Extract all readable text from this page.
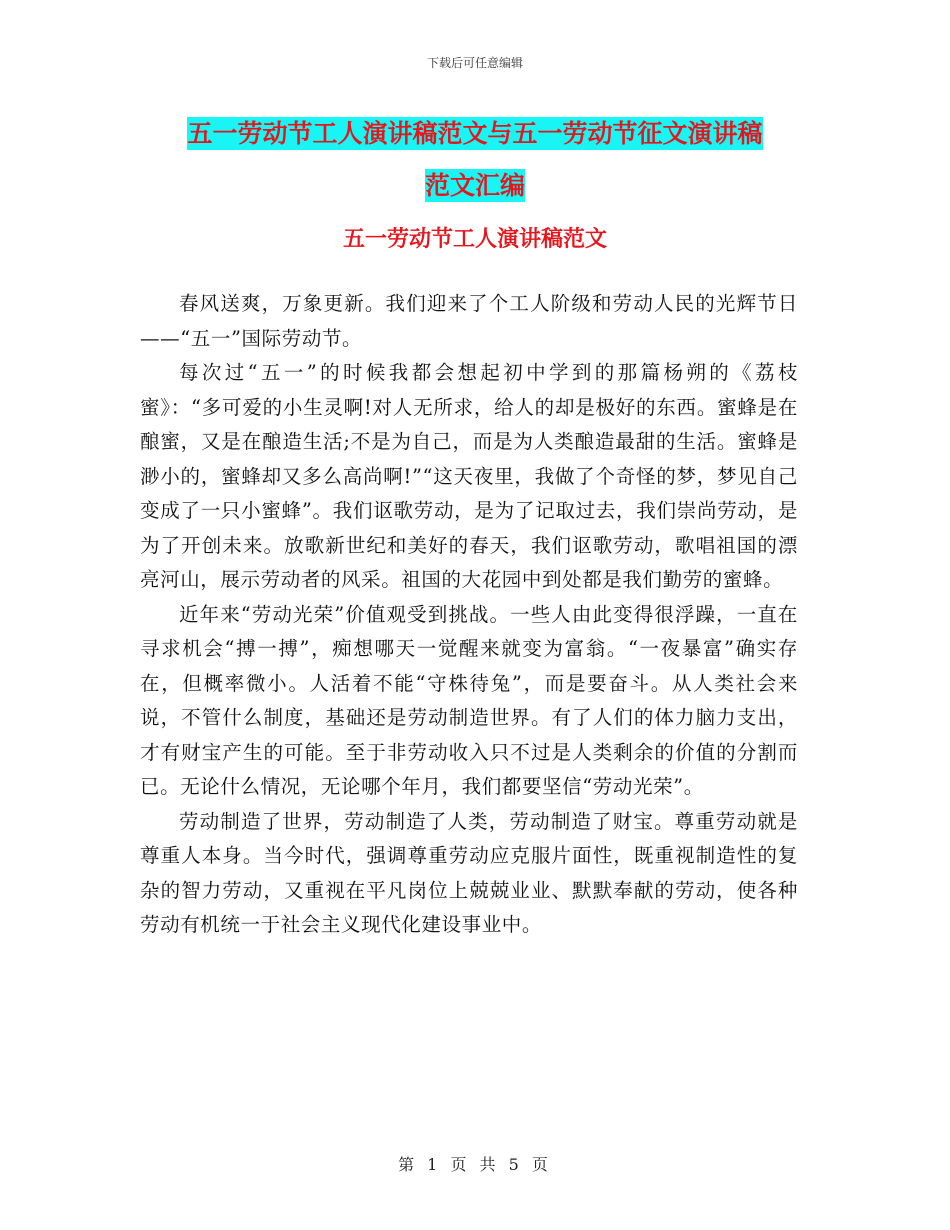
下载后可任意编辑
五一劳动节工人演讲稿范文与五一劳动节征文演讲稿
范文汇编
五一劳动节工人演讲稿范文

春风送爽，万象更新。我们迎来了个工人阶级和劳动人民的光辉节日——“五一”国际劳动节。

每次过“五一”的时候我都会想起初中学到的那篇杨朔的《荔枝蜜》：“多可爱的小生灵啊!对人无所求，给人的却是极好的东西。蜜蜂是在酿蜜，又是在酿造生活;不是为自己，而是为人类酿造最甜的生活。蜜蜂是渺小的，蜜蜂却又多么高尚啊!”“这天夜里，我做了个奇怪的梦，梦见自己变成了一只小蜜蜂”。我们讴歌劳动，是为了记取过去，我们崇尚劳动，是为了开创未来。放歌新世纪和美好的春天，我们讴歌劳动，歌唱祖国的漂亮河山，展示劳动者的风采。祖国的大花园中到处都是我们勤劳的蜜蜂。

近年来“劳动光荣”价值观受到挑战。一些人由此变得很浮躁，一直在寻求机会“搏一搏”，痴想哪天一觉醒来就变为富翁。“一夜暴富”确实存在，但概率微小。人活着不能“守株待兔”，而是要奋斗。从人类社会来说，不管什么制度，基础还是劳动制造世界。有了人们的体力脑力支出，才有财宝产生的可能。至于非劳动收入只不过是人类剩余的价值的分割而已。无论什么情况，无论哪个年月，我们都要坚信“劳动光荣”。

劳动制造了世界，劳动制造了人类，劳动制造了财宝。尊重劳动就是尊重人本身。当今时代，强调尊重劳动应克服片面性，既重视制造性的复杂的智力劳动，又重视在平凡岗位上兢兢业业、默默奉献的劳动，使各种劳动有机统一于社会主义现代化建设事业中。

第 1 页 共 5 页
